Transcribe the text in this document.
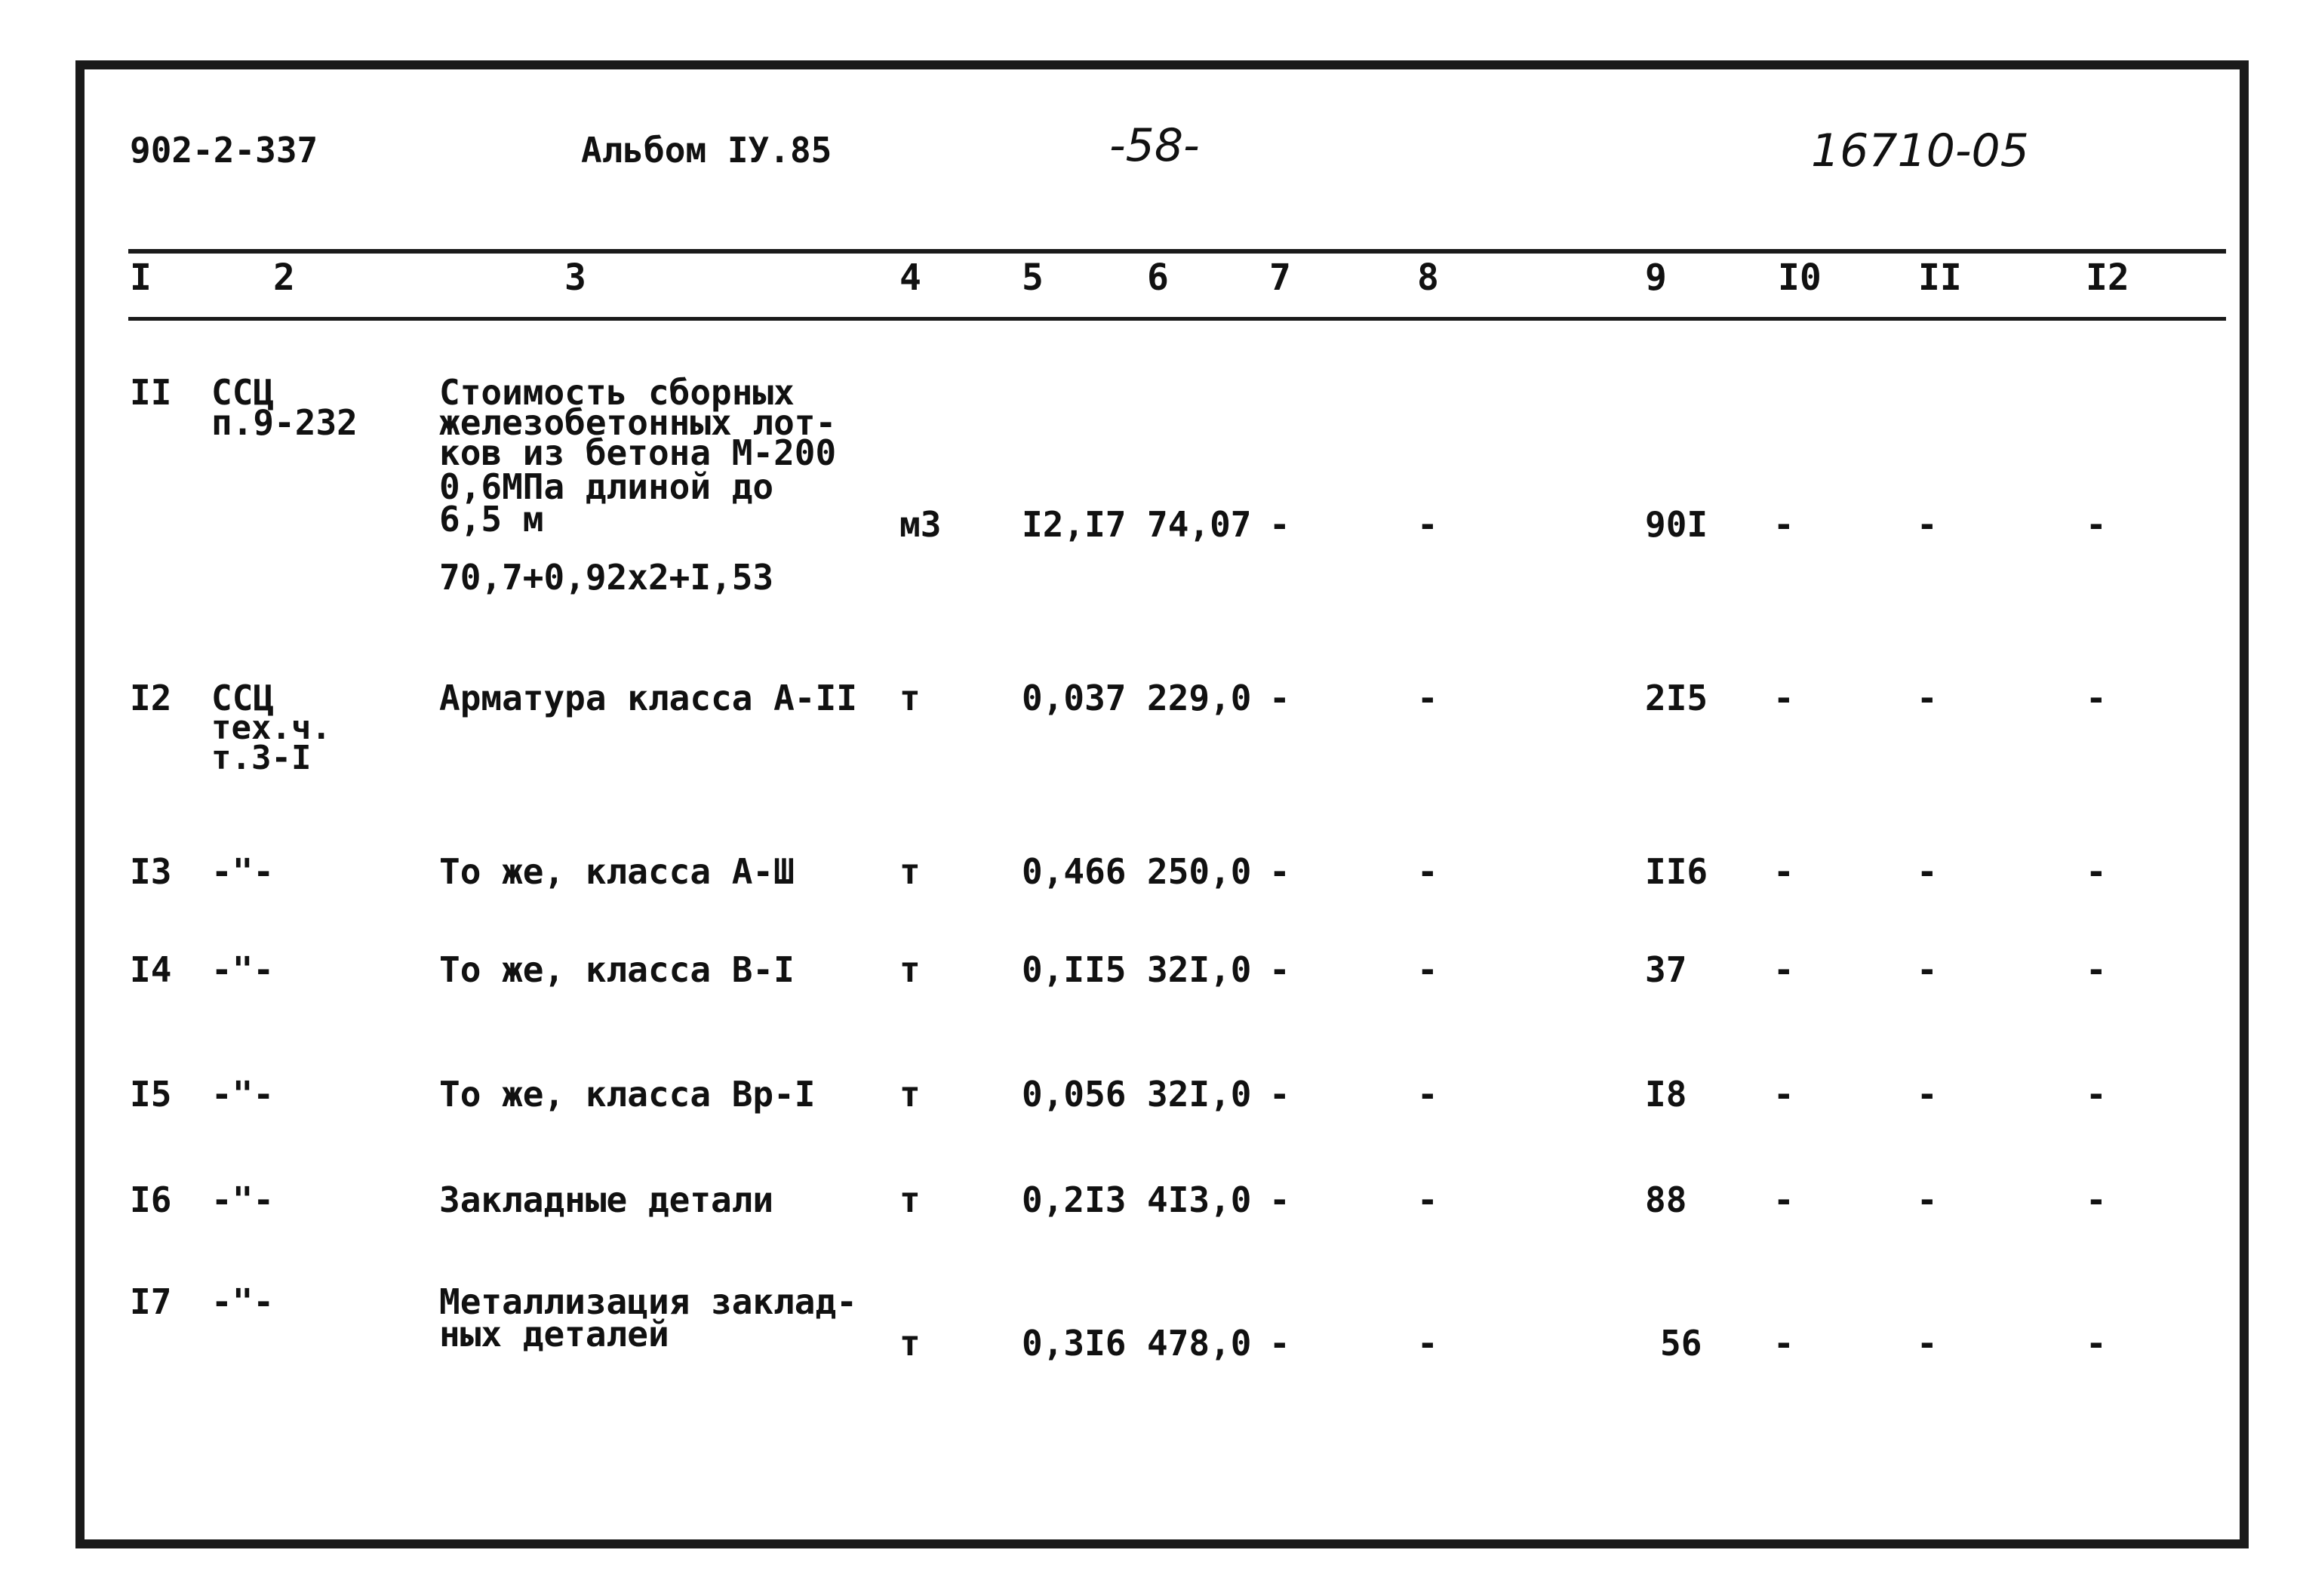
902-2-337	Альбом IУ.85	-58-	16710-05
I	2	3	4	5	6	7	8	9	I0	II	I2
II ССЦ
п.9-232
Стоимость сборных
железобетонных лот-
ков из бетона М-200
0,6МПа длиной до
6,5 м
70,7+0,92х2+I,53
м3 I2,I7 74,07 -	-	90I -	-	-
I2 ССЦ
тех.ч.
т.3-I
Арматура класса А-II т	0,037 229,0 -	-	2I5 -	-	-
I3 -"-	То же, класса А-Ш	т	0,466 250,0 -	-	II6 -	-	-
I4 -"-	То же, класса В-I	т	0,II5 32I,0 -	-	37 -	-	-
I5 -"-	То же, класса Вр-I т	0,056 32I,0 -	-	I8 -	-	-
I6 -"-	Закладные детали	т	0,2I3 4I3,0 -	-	88 -	-	-
I7 -"-	Металлизация заклад-
ных деталей	т	0,3I6 478,0 -	-	56 -	-	-
